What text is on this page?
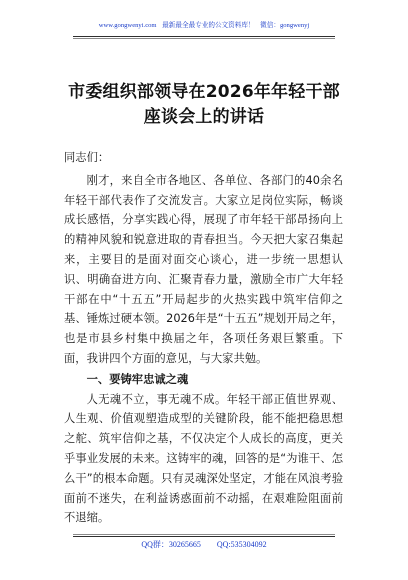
www.gongwenyi.com 最新最全最专业的公文资料库！ 微信：gongwenyj
市委组织部领导在2026年年轻干部座谈会上的讲话

同志们：

刚才，来自全市各地区、各单位、各部门的40余名年轻干部代表作了交流发言。大家立足岗位实际，畅谈成长感悟，分享实践心得，展现了市年轻干部昂扬向上的精神风貌和锐意进取的青春担当。今天把大家召集起来，主要目的是面对面交心谈心，进一步统一思想认识、明确奋进方向、汇聚青春力量，激励全市广大年轻干部在中“十五五”开局起步的火热实践中筑牢信仰之基、锤炼过硬本领。2026年是“十五五”规划开局之年，也是市县乡村集中换届之年，各项任务艰巨繁重。下面，我讲四个方面的意见，与大家共勉。

一、要铸牢忠诚之魂

人无魂不立，事无魂不成。年轻干部正值世界观、人生观、价值观塑造成型的关键阶段，能不能把稳思想之舵、筑牢信仰之基，不仅决定个人成长的高度，更关乎事业发展的未来。这铸牢的魂，回答的是“为谁干、怎么干”的根本命题。只有灵魂深处坚定，才能在风浪考验面前不迷失，在利益诱惑面前不动摇，在艰难险阻面前不退缩。

QQ群：30265665 QQ:535304092
